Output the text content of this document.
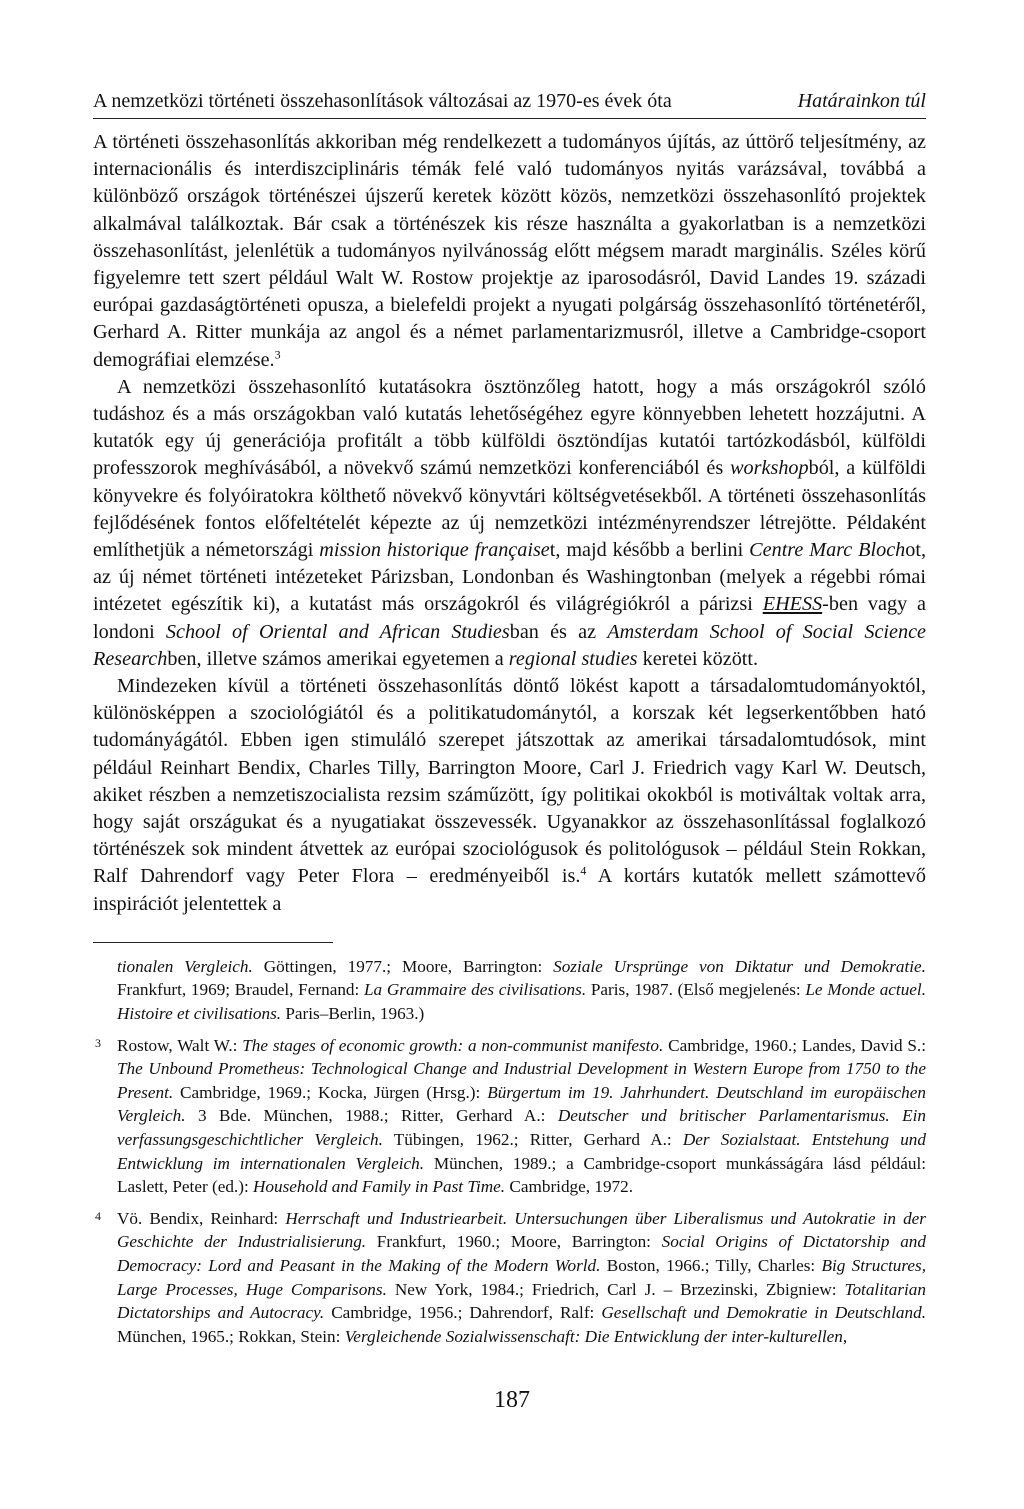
A nemzetközi történeti összehasonlítások változásai az 1970-es évek óta	Határainkon túl

A történeti összehasonlítás akkoriban még rendelkezett a tudományos újítás, az úttörő teljesítmény, az internacionális és interdiszciplináris témák felé való tudományos nyitás varázsával, továbbá a különböző országok történészei újszerű keretek között közös, nemzetközi összehasonlító projektek alkalmával találkoztak. Bár csak a történészek kis része használta a gyakorlatban is a nemzetközi összehasonlítást, jelenlétük a tudományos nyilvánosság előtt mégsem maradt marginális. Széles körű figyelemre tett szert például Walt W. Rostow projektje az iparosodásról, David Landes 19. századi európai gazdaságtörténeti opusza, a bielefeldi projekt a nyugati polgárság összehasonlító történetéről, Gerhard A. Ritter munkája az angol és a német parlamentarizmusról, illetve a Cambridge-csoport demográfiai elemzése.$^3$

A nemzetközi összehasonlító kutatásokra ösztönzőleg hatott, hogy a más országokról szóló tudáshoz és a más országokban való kutatás lehetőségéhez egyre könnyebben lehetett hozzájutni. A kutatók egy új generációja profitált a több külföldi ösztöndíjas kutatói tartózkodásból, külföldi professzorok meghívásából, a növekvő számú nemzetközi konferenciából és workshopból, a külföldi könyvekre és folyóiratokra költhető növekvő könyvtári költségvetésekből. A történeti összehasonlítás fejlődésének fontos előfeltételét képezte az új nemzetközi intézményrendszer létrejötte. Példaként említhetjük a németországi mission historique françaiset, majd később a berlini Centre Marc Blochot, az új német történeti intézeteket Párizsban, Londonban és Washingtonban (melyek a régebbi római intézetet egészítik ki), a kutatást más országokról és világrégiókról a párizsi EHESS-ben vagy a londoni School of Oriental and African Studiesban és az Amsterdam School of Social Science Researchben, illetve számos amerikai egyetemen a regional studies keretei között.

Mindezeken kívül a történeti összehasonlítás döntő lökést kapott a társadalomtudományoktól, különösképpen a szociológiától és a politikatudománytól, a korszak két legserkentőbben ható tudományágától. Ebben igen stimuláló szerepet játszottak az amerikai társadalomtudósok, mint például Reinhart Bendix, Charles Tilly, Barrington Moore, Carl J. Friedrich vagy Karl W. Deutsch, akiket részben a nemzetiszocialista rezsim száműzött, így politikai okokból is motiváltak voltak arra, hogy saját országukat és a nyugatiakat összevessék. Ugyanakkor az összehasonlítással foglalkozó történészek sok mindent átvettek az európai szociológusok és politológusok – például Stein Rokkan, Ralf Dahrendorf vagy Peter Flora – eredményeiből is.$^4$ A kortárs kutatók mellett számottevő inspirációt jelentettek a

tionalen Vergleich. Göttingen, 1977.; Moore, Barrington: Soziale Ursprünge von Diktatur und Demokratie. Frankfurt, 1969; Braudel, Fernand: La Grammaire des civilisations. Paris, 1987. (Első megjelenés: Le Monde actuel. Histoire et civilisations. Paris–Berlin, 1963.)

3 Rostow, Walt W.: The stages of economic growth: a non-communist manifesto. Cambridge, 1960.; Landes, David S.: The Unbound Prometheus: Technological Change and Industrial Development in Western Europe from 1750 to the Present. Cambridge, 1969.; Kocka, Jürgen (Hrsg.): Bürgertum im 19. Jahrhundert. Deutschland im europäischen Vergleich. 3 Bde. München, 1988.; Ritter, Gerhard A.: Deutscher und britischer Parlamentarismus. Ein verfassungsgeschichtlicher Vergleich. Tübingen, 1962.; Ritter, Gerhard A.: Der Sozialstaat. Entstehung und Entwicklung im internationalen Vergleich. München, 1989.; a Cambridge-csoport munkásságára lásd például: Laslett, Peter (ed.): Household and Family in Past Time. Cambridge, 1972.

4 Vö. Bendix, Reinhard: Herrschaft und Industriearbeit. Untersuchungen über Liberalismus und Autokratie in der Geschichte der Industrialisierung. Frankfurt, 1960.; Moore, Barrington: Social Origins of Dictatorship and Democracy: Lord and Peasant in the Making of the Modern World. Boston, 1966.; Tilly, Charles: Big Structures, Large Processes, Huge Comparisons. New York, 1984.; Friedrich, Carl J. – Brzezinski, Zbigniew: Totalitarian Dictatorships and Autocracy. Cambridge, 1956.; Dahrendorf, Ralf: Gesellschaft und Demokratie in Deutschland. München, 1965.; Rokkan, Stein: Vergleichende Sozialwissenschaft: Die Entwicklung der inter-kulturellen,

187
